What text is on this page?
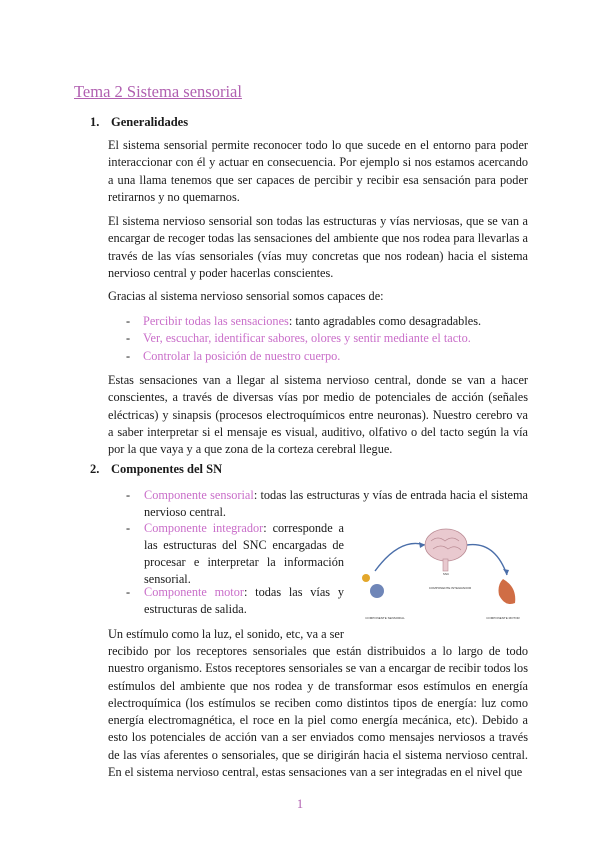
Tema 2 Sistema sensorial
1. Generalidades
El sistema sensorial permite reconocer todo lo que sucede en el entorno para poder interaccionar con él y actuar en consecuencia. Por ejemplo si nos estamos acercando a una llama tenemos que ser capaces de percibir y recibir esa sensación para poder retirarnos y no quemarnos.
El sistema nervioso sensorial son todas las estructuras y vías nerviosas, que se van a encargar de recoger todas las sensaciones del ambiente que nos rodea para llevarlas a través de las vías sensoriales (vías muy concretas que nos rodean) hacia el sistema nervioso central y poder hacerlas conscientes.
Gracias al sistema nervioso sensorial somos capaces de:
- Percibir todas las sensaciones: tanto agradables como desagradables.
- Ver, escuchar, identificar sabores, olores y sentir mediante el tacto.
- Controlar la posición de nuestro cuerpo.
Estas sensaciones van a llegar al sistema nervioso central, donde se van a hacer conscientes, a través de diversas vías por medio de potenciales de acción (señales eléctricas) y sinapsis (procesos electroquímicos entre neuronas). Nuestro cerebro va a saber interpretar si el mensaje es visual, auditivo, olfativo o del tacto según la vía por la que vaya y a que zona de la corteza cerebral llegue.
2. Componentes del SN
- Componente sensorial: todas las estructuras y vías de entrada hacia el sistema nervioso central.
- Componente integrador: corresponde a las estructuras del SNC encargadas de procesar e interpretar la información sensorial.
- Componente motor: todas las vías y estructuras de salida.
SNC
COMPONENTE INTEGRADOR
COMPONENTE SENSORIAL	COMPONENTE MOTOR
Un estímulo como la luz, el sonido, etc, va a ser
recibido por los receptores sensoriales que están distribuidos a lo largo de todo nuestro organismo. Estos receptores sensoriales se van a encargar de recibir todos los estímulos del ambiente que nos rodea y de transformar esos estímulos en energía electroquímica (los estímulos se reciben como distintos tipos de energía: luz como energía electromagnética, el roce en la piel como energía mecánica, etc). Debido a esto los potenciales de acción van a ser enviados como mensajes nerviosos a través de las vías aferentes o sensoriales, que se dirigirán hacia el sistema nervioso central. En el sistema nervioso central, estas sensaciones van a ser integradas en el nivel que
1
